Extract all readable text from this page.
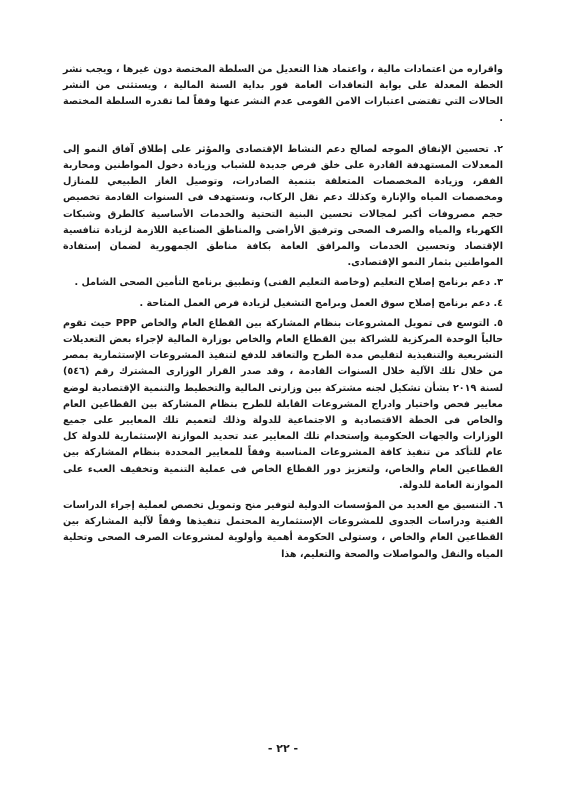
واقراره من اعتمادات مالية ، واعتماد هذا التعديل من السلطة المختصة دون غيرها ، ويجب نشر الخطة المعدلة على بوابة التعاقدات العامة فور بداية السنة المالية ، ويستثنى من النشر الحالات التي تقتضى اعتبارات الامن القومى عدم النشر عنها وفقاً لما تقدره السلطة المختصة .

٢. تحسين الإنفاق الموجه لصالح دعم النشاط الإقتصادى والمؤثر على إطلاق آفاق النمو إلى المعدلات المستهدفة القادرة على خلق فرص جديدة للشباب وزيادة دخول المواطنين ومحاربة الفقر، وزيادة المخصصات المتعلقة بتنمية الصادرات، وتوصيل الغاز الطبيعي للمنازل ومخصصات المياه والإنارة وكذلك دعم نقل الركاب، ونستهدف فى السنوات القادمة تخصيص حجم مصروفات أكبر لمجالات تحسين البنية التحتية والخدمات الأساسية كالطرق وشبكات الكهرباء والمياه والصرف الصحى وترفيق الأراضى والمناطق الصناعية اللازمة لزيادة تنافسية الإقتصاد وتحسين الخدمات والمرافق العامة بكافة مناطق الجمهورية لضمان إستفادة المواطنين بثمار النمو الإقتصادى.

٣. دعم برنامج إصلاح التعليم (وخاصة التعليم الفنى) وتطبيق برنامج التأمين الصحى الشامل .

٤. دعم برنامج إصلاح سوق العمل وبرامج التشغيل لزيادة فرص العمل المتاحة .

٥. التوسع فى تمويل المشروعات بنظام المشاركة بين القطاع العام والخاص PPP حيث تقوم حالياً الوحدة المركزية للشراكة بين القطاع العام والخاص بوزارة المالية لإجراء بعض التعديلات التشريعية والتنفيذية لتقليص مدة الطرح والتعاقد للدفع لتنفيذ المشروعات الإستثمارية بمصر من خلال تلك الآلية خلال السنوات القادمة ، وقد صدر القرار الوزارى المشترك رقم (٥٤٦) لسنة ٢٠١٩ بشأن تشكيل لجنه مشتركة بين وزارتى المالية والتخطيط والتنمية الإقتصادية لوضع معايير فحص واختيار وادراج المشروعات القابلة للطرح بنظام المشاركة بين القطاعين العام والخاص فى الخطة الاقتصادية و الاجتماعية للدولة وذلك لتعميم تلك المعايير على جميع الوزارات والجهات الحكومية وإستخدام تلك المعايير عند تحديد الموازنة الإستثمارية للدولة كل عام للتأكد من تنفيذ كافة المشروعات المناسبة وفقاً للمعايير المحددة بنظام المشاركة بين القطاعين العام والخاص، ولتعزيز دور القطاع الخاص فى عملية التنمية وتخفيف العبء على الموازنة العامة للدولة.

٦. التنسيق مع العديد من المؤسسات الدولية لتوفير منح وتمويل تخصص لعملية إجراء الدراسات الفنية ودراسات الجدوى للمشروعات الإستثمارية المحتمل تنفيذها وفقاً لآلية المشاركة بين القطاعين العام والخاص ، وستولى الحكومة أهمية وأولوية لمشروعات الصرف الصحى وتحلية المياه والنقل والمواصلات والصحة والتعليم، هذا

- ٢٢ -
